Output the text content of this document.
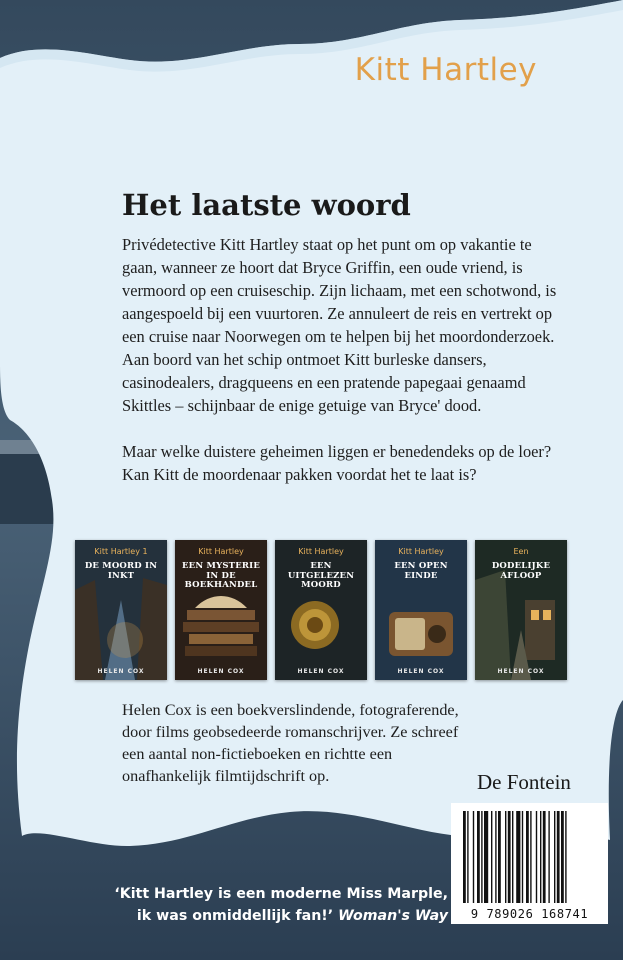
Kitt Hartley
Het laatste woord

Privédetective Kitt Hartley staat op het punt om op vakantie te gaan, wanneer ze hoort dat Bryce Griffin, een oude vriend, is vermoord op een cruiseschip. Zijn lichaam, met een schotwond, is aangespoeld bij een vuurtoren. Ze annuleert de reis en vertrekt op een cruise naar Noorwegen om te helpen bij het moordonderzoek. Aan boord van het schip ontmoet Kitt burleske dansers, casinodealers, dragqueens en een pratende papegaai genaamd Skittles – schijnbaar de enige getuige van Bryce' dood.

Maar welke duistere geheimen liggen er benedendeks op de loer? Kan Kitt de moordenaar pakken voordat het te laat is?

Kitt Hartley 1
DE MOORD IN INKT
HELEN COX
Kitt Hartley
EEN MYSTERIE IN DE BOEKHANDEL
HELEN COX
Kitt Hartley
EEN UITGELEZEN MOORD
HELEN COX
Kitt Hartley
EEN OPEN EINDE
HELEN COX
Een
DODELIJKE AFLOOP
HELEN COX
Helen Cox is een boekverslindende, fotograferende, door films geobsedeerde romanschrijver. Ze schreef een aantal non-fictieboeken en richtte een onafhankelijk filmtijdschrift op.	De Fontein
9 789026 168741
‘Kitt Hartley is een moderne Miss Marple, ik was onmiddellijk fan!’ Woman's Way
